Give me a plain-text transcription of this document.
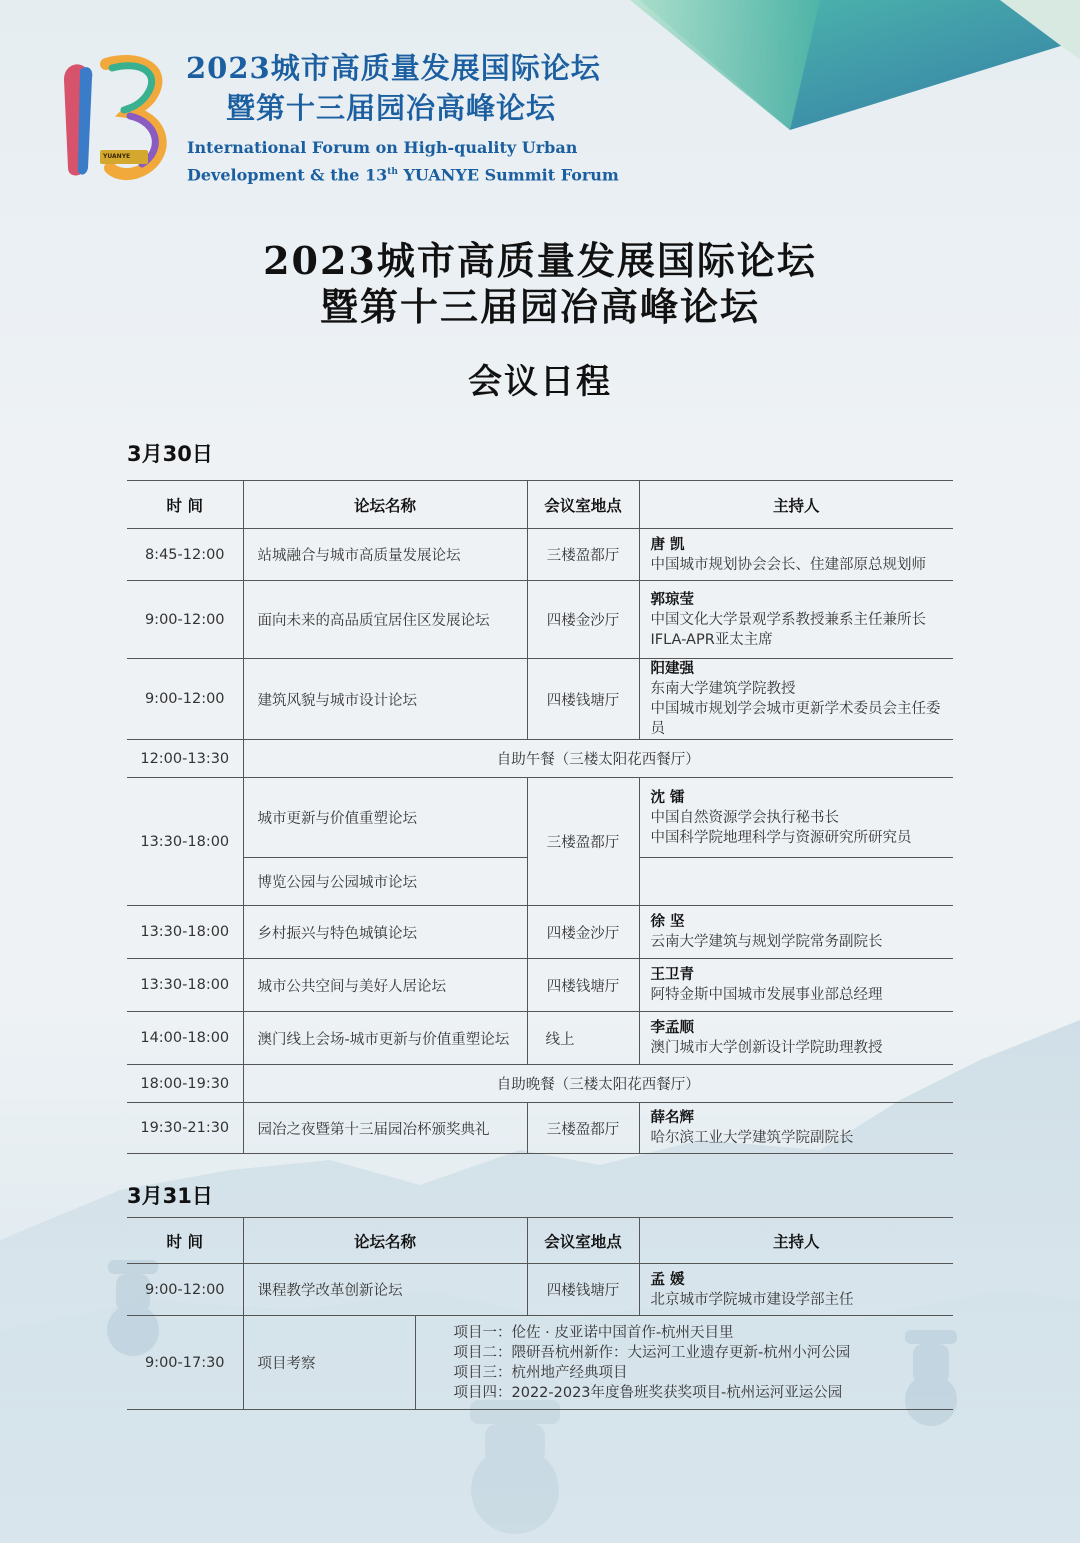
YUANYE
2023城市高质量发展国际论坛
暨第十三届园冶高峰论坛
International Forum on High-quality Urban
Development & the 13th YUANYE Summit Forum
2023城市高质量发展国际论坛
暨第十三届园冶高峰论坛
会议日程
3月30日
时 间	论坛名称	会议室地点	主持人
8:45-12:00	站城融合与城市高质量发展论坛	三楼盈都厅	唐 凯
中国城市规划协会会长、住建部原总规划师

9:00-12:00	面向未来的高品质宜居住区发展论坛	四楼金沙厅	郭琼莹
中国文化大学景观学系教授兼系主任兼所长
IFLA-APR亚太主席

9:00-12:00	建筑风貌与城市设计论坛	四楼钱塘厅	阳建强
东南大学建筑学院教授
中国城市规划学会城市更新学术委员会主任委员

12:00-13:30	自助午餐（三楼太阳花西餐厅）		
13:30-18:00	城市更新与价值重塑论坛	三楼盈都厅	沈 镭
中国自然资源学会执行秘书长
中国科学院地理科学与资源研究所研究员

	博览公园与公园城市论坛		
13:30-18:00	乡村振兴与特色城镇论坛	四楼金沙厅	徐 坚
云南大学建筑与规划学院常务副院长

13:30-18:00	城市公共空间与美好人居论坛	四楼钱塘厅	王卫青
阿特金斯中国城市发展事业部总经理

14:00-18:00	澳门线上会场-城市更新与价值重塑论坛	线上	李孟顺
澳门城市大学创新设计学院助理教授

18:00-19:30	自助晚餐（三楼太阳花西餐厅）		
19:30-21:30	园冶之夜暨第十三届园冶杯颁奖典礼	三楼盈都厅	薛名辉
哈尔滨工业大学建筑学院副院长
3月31日
时 间	论坛名称		会议室地点	主持人
9:00-12:00	课程教学改革创新论坛		四楼钱塘厅	孟 媛
北京城市学院城市建设学部主任

9:00-17:30	项目考察	项目一：伦佐 · 皮亚诺中国首作-杭州天目里
项目二：隈研吾杭州新作：大运河工业遗存更新-杭州小河公园
项目三：杭州地产经典项目
项目四：2022-2023年度鲁班奖获奖项目-杭州运河亚运公园		
